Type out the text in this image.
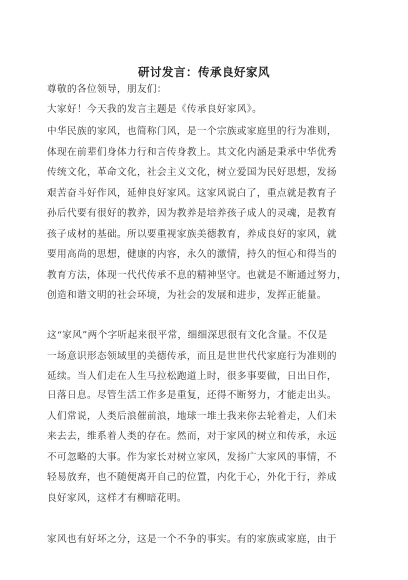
研讨发言：传承良好家风
尊敬的各位领导，朋友们：
大家好！今天我的发言主题是《传承良好家风》。
中华民族的家风，也简称门风，是一个宗族或家庭里的行为准则，
体现在前辈们身体力行和言传身教上。其文化内涵是秉承中华优秀
传统文化，革命文化，社会主义文化，树立爱国为民好思想，发扬
艰苦奋斗好作风，延伸良好家风。这家风说白了，重点就是教育子
孙后代要有很好的教养，因为教养是培养孩子成人的灵魂，是教育
孩子成材的基础。所以要重视家族美德教育，养成良好的家风，就
要用高尚的思想，健康的内容，永久的激情，持久的恒心和得当的
教育方法，体现一代代传承不息的精神坚守。也就是不断通过努力，
创造和谐文明的社会环境，为社会的发展和进步，发挥正能量。
这“家风”两个字听起来很平常，细细深思很有文化含量。不仅是
一场意识形态领域里的美德传承，而且是世世代代家庭行为准则的
延续。当人们走在人生马拉松跑道上时，很多事要做，日出日作，
日落日息。尽管生活工作多是重复，还得不断努力，才能走出头。
人们常说，人类后浪催前浪，地球一堆土我来你去轮着走，人们未
来去去，维系着人类的存在。然而，对于家风的树立和传承，永远
不可忽略的大事。作为家长对树立家风，发扬广大家风的事情，不
轻易放弃，也不随便离开自己的位置，内化于心，外化于行，养成
良好家风，这样才有柳暗花明。
家风也有好坏之分，这是一个不争的事实。有的家族或家庭，由于
